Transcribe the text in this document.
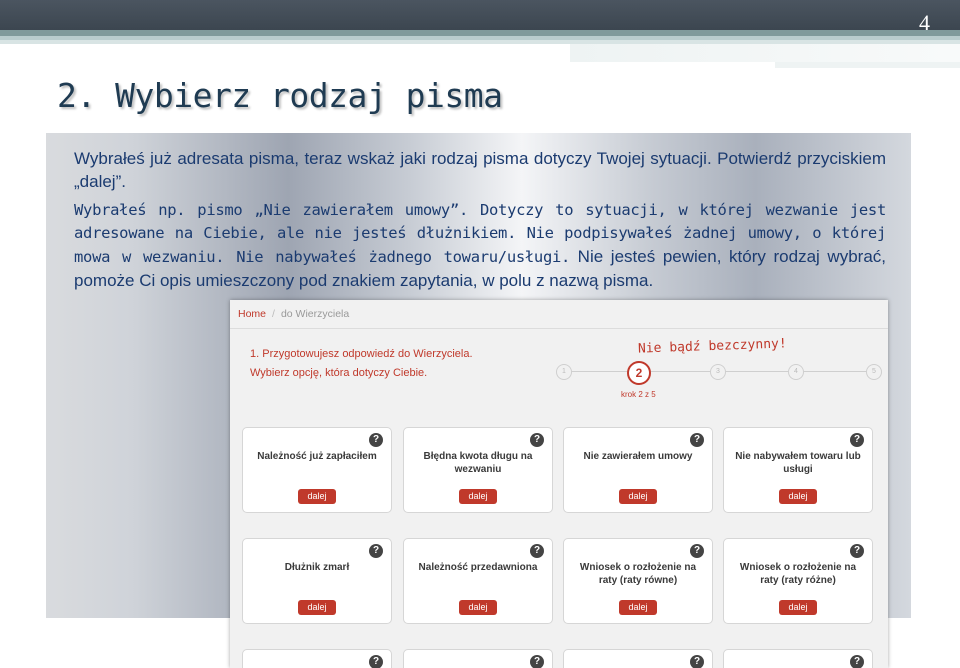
4
2. Wybierz rodzaj pisma

Wybrałeś już adresata pisma, teraz wskaż jaki rodzaj pisma dotyczy Twojej sytuacji. Potwierdź przyciskiem „dalej”.

Wybrałeś np. pismo „Nie zawierałem umowy”. Dotyczy to sytuacji, w której wezwanie jest adresowane na Ciebie, ale nie jesteś dłużnikiem. Nie podpisywałeś żadnej umowy, o której mowa w wezwaniu. Nie nabywałeś żadnego towaru/usługi. Nie jesteś pewien, który rodzaj wybrać, pomoże Ci opis umieszczony pod znakiem zapytania, w polu z nazwą pisma.

Home / do Wierzyciela
1. Przygotowujesz odpowiedź do Wierzyciela.
Wybierz opcję, która dotyczy Ciebie.
Nie bądź bezczynny!
1	3	4	5
2
krok 2 z 5
?
Należność już zapłaciłem
dalej
?
Błędna kwota długu na wezwaniu
dalej
?
Nie zawierałem umowy
dalej
?
Nie nabywałem towaru lub usługi
dalej
?
Dłużnik zmarł
dalej
?
Należność przedawniona
dalej
?
Wniosek o rozłożenie na raty (raty równe)
dalej
?
Wniosek o rozłożenie na raty (raty różne)
dalej
?	?	?	?
